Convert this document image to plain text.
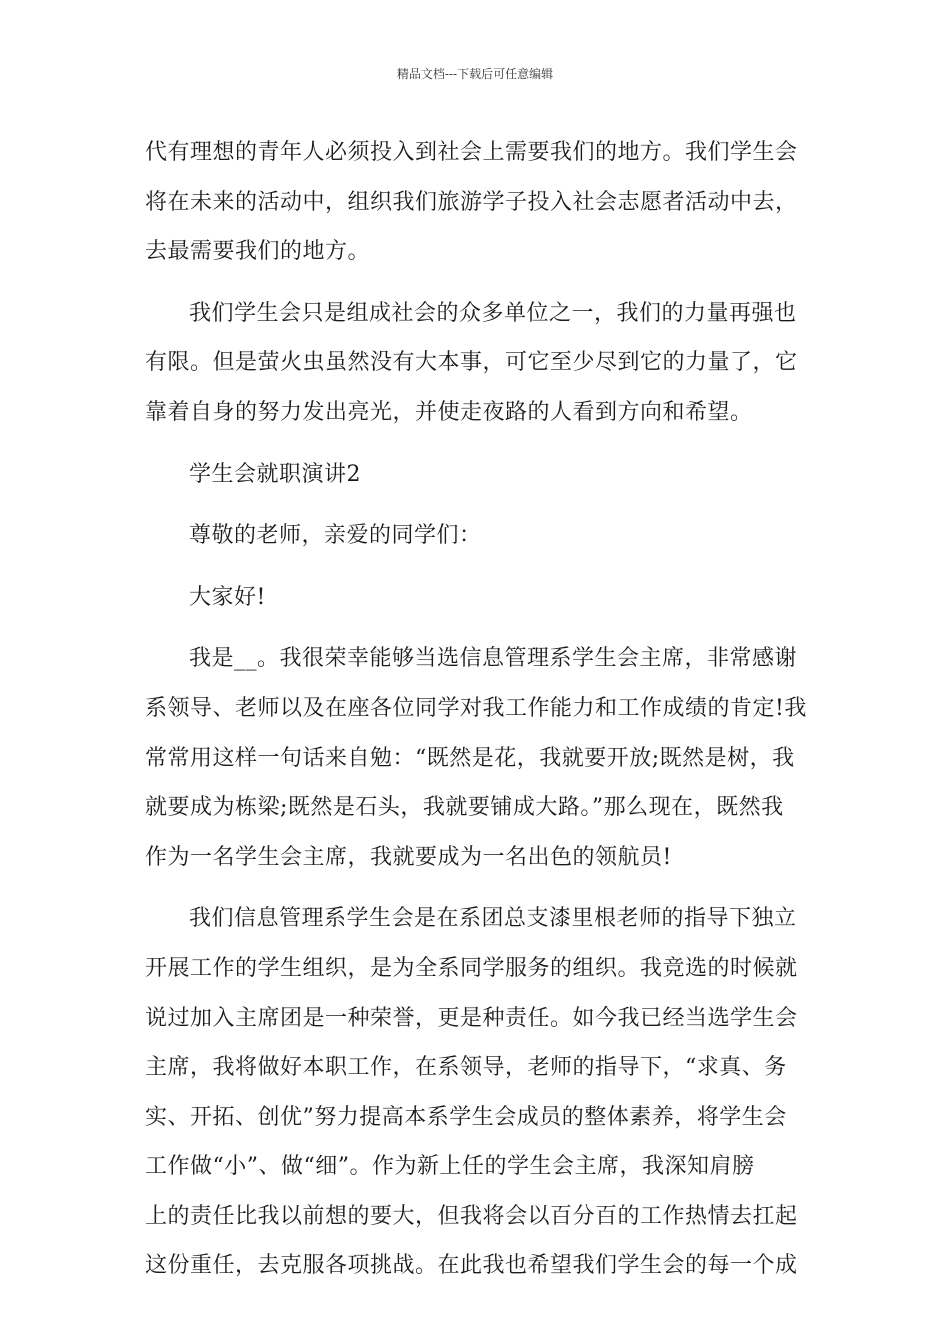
精品文档---下载后可任意编辑

代有理想的青年人必须投入到社会上需要我们的地方。我们学生会
将在未来的活动中，组织我们旅游学子投入社会志愿者活动中去，
去最需要我们的地方。

我们学生会只是组成社会的众多单位之一，我们的力量再强也
有限。但是萤火虫虽然没有大本事，可它至少尽到它的力量了，它
靠着自身的努力发出亮光，并使走夜路的人看到方向和希望。

学生会就职演讲2

尊敬的老师，亲爱的同学们：

大家好!

我是__。我很荣幸能够当选信息管理系学生会主席，非常感谢
系领导、老师以及在座各位同学对我工作能力和工作成绩的肯定!我
常常用这样一句话来自勉：“既然是花，我就要开放;既然是树，我
就要成为栋梁;既然是石头，我就要铺成大路。”那么现在，既然我
作为一名学生会主席，我就要成为一名出色的领航员!

我们信息管理系学生会是在系团总支漆里根老师的指导下独立
开展工作的学生组织，是为全系同学服务的组织。我竞选的时候就
说过加入主席团是一种荣誉，更是种责任。如今我已经当选学生会
主席，我将做好本职工作，在系领导，老师的指导下，“求真、务
实、开拓、创优”努力提高本系学生会成员的整体素养，将学生会
工作做“小”、做“细”。作为新上任的学生会主席，我深知肩膀
上的责任比我以前想的要大，但我将会以百分百的工作热情去扛起
这份重任，去克服各项挑战。在此我也希望我们学生会的每一个成
